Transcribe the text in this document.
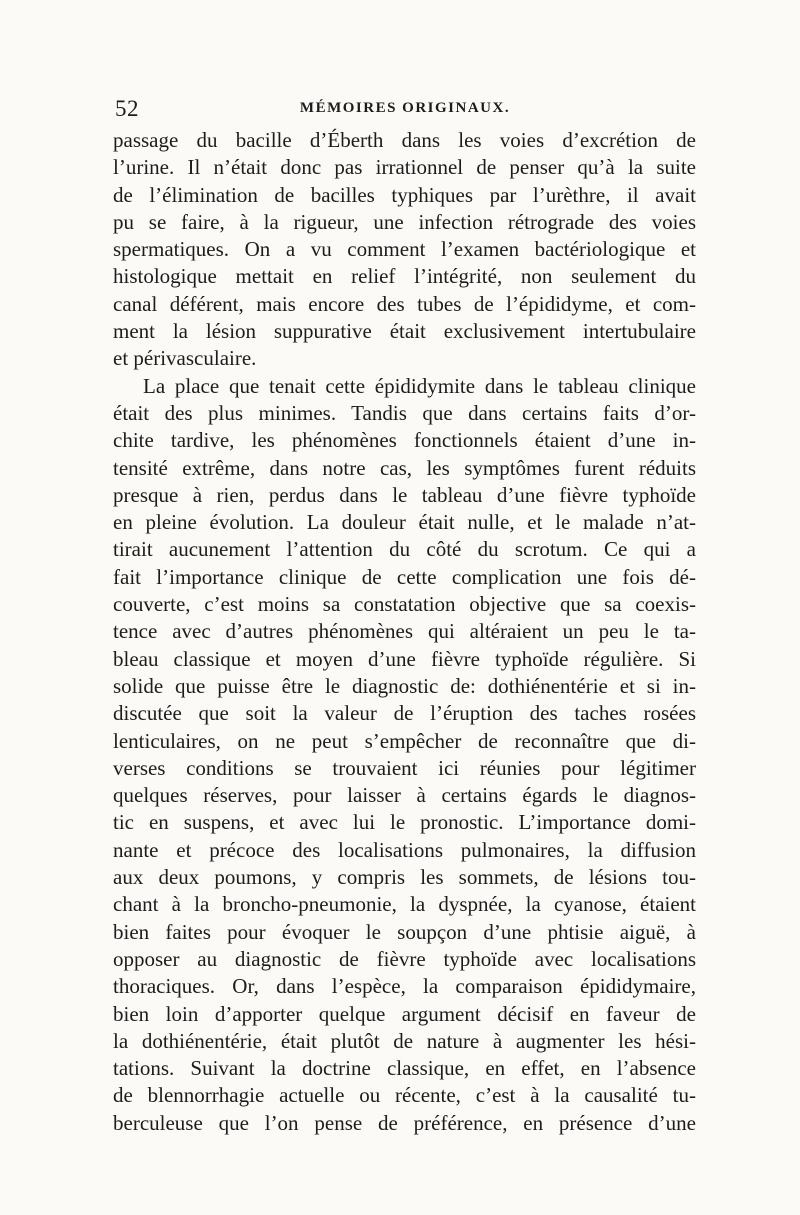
52	MÉMOIRES ORIGINAUX.
passage du bacille d’Éberth dans les voies d’excrétion de
l’urine. Il n’était donc pas irrationnel de penser qu’à la suite
de l’élimination de bacilles typhiques par l’urèthre, il avait
pu se faire, à la rigueur, une infection rétrograde des voies
spermatiques. On a vu comment l’examen bactériologique et
histologique mettait en relief l’intégrité, non seulement du
canal déférent, mais encore des tubes de l’épididyme, et com-
ment la lésion suppurative était exclusivement intertubulaire
et périvasculaire.
La place que tenait cette épididymite dans le tableau clinique
était des plus minimes. Tandis que dans certains faits d’or-
chite tardive, les phénomènes fonctionnels étaient d’une in-
tensité extrême, dans notre cas, les symptômes furent réduits
presque à rien, perdus dans le tableau d’une fièvre typhoïde
en pleine évolution. La douleur était nulle, et le malade n’at-
tirait aucunement l’attention du côté du scrotum. Ce qui a
fait l’importance clinique de cette complication une fois dé-
couverte, c’est moins sa constatation objective que sa coexis-
tence avec d’autres phénomènes qui altéraient un peu le ta-
bleau classique et moyen d’une fièvre typhoïde régulière. Si
solide que puisse être le diagnostic de: dothiénentérie et si in-
discutée que soit la valeur de l’éruption des taches rosées
lenticulaires, on ne peut s’empêcher de reconnaître que di-
verses conditions se trouvaient ici réunies pour légitimer
quelques réserves, pour laisser à certains égards le diagnos-
tic en suspens, et avec lui le pronostic. L’importance domi-
nante et précoce des localisations pulmonaires, la diffusion
aux deux poumons, y compris les sommets, de lésions tou-
chant à la broncho-pneumonie, la dyspnée, la cyanose, étaient
bien faites pour évoquer le soupçon d’une phtisie aiguë, à
opposer au diagnostic de fièvre typhoïde avec localisations
thoraciques. Or, dans l’espèce, la comparaison épididymaire,
bien loin d’apporter quelque argument décisif en faveur de
la dothiénentérie, était plutôt de nature à augmenter les hési-
tations. Suivant la doctrine classique, en effet, en l’absence
de blennorrhagie actuelle ou récente, c’est à la causalité tu-
berculeuse que l’on pense de préférence, en présence d’une
